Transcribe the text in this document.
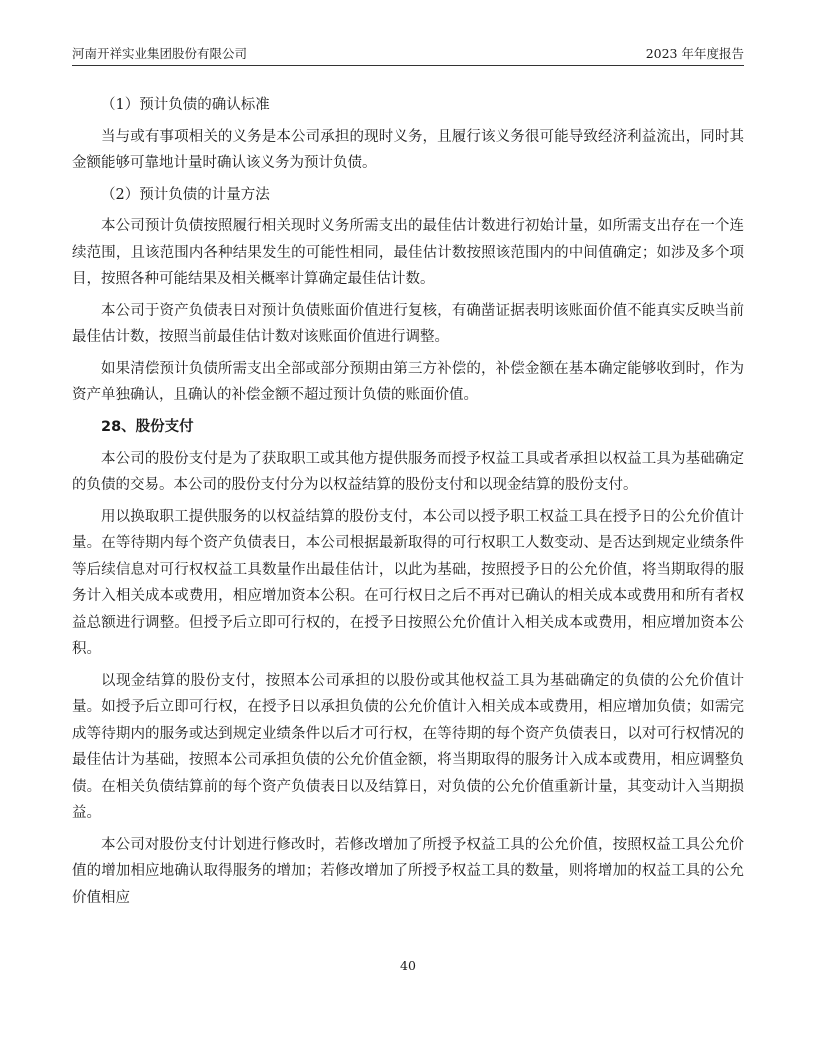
河南开祥实业集团股份有限公司	2023 年年度报告

（1）预计负债的确认标准

当与或有事项相关的义务是本公司承担的现时义务，且履行该义务很可能导致经济利益流出，同时其金额能够可靠地计量时确认该义务为预计负债。

（2）预计负债的计量方法

本公司预计负债按照履行相关现时义务所需支出的最佳估计数进行初始计量，如所需支出存在一个连续范围，且该范围内各种结果发生的可能性相同，最佳估计数按照该范围内的中间值确定；如涉及多个项目，按照各种可能结果及相关概率计算确定最佳估计数。

本公司于资产负债表日对预计负债账面价值进行复核，有确凿证据表明该账面价值不能真实反映当前最佳估计数，按照当前最佳估计数对该账面价值进行调整。

如果清偿预计负债所需支出全部或部分预期由第三方补偿的，补偿金额在基本确定能够收到时，作为资产单独确认，且确认的补偿金额不超过预计负债的账面价值。

28、股份支付

本公司的股份支付是为了获取职工或其他方提供服务而授予权益工具或者承担以权益工具为基础确定的负债的交易。本公司的股份支付分为以权益结算的股份支付和以现金结算的股份支付。

用以换取职工提供服务的以权益结算的股份支付，本公司以授予职工权益工具在授予日的公允价值计量。在等待期内每个资产负债表日，本公司根据最新取得的可行权职工人数变动、是否达到规定业绩条件等后续信息对可行权权益工具数量作出最佳估计，以此为基础，按照授予日的公允价值，将当期取得的服务计入相关成本或费用，相应增加资本公积。在可行权日之后不再对已确认的相关成本或费用和所有者权益总额进行调整。但授予后立即可行权的，在授予日按照公允价值计入相关成本或费用，相应增加资本公积。

以现金结算的股份支付，按照本公司承担的以股份或其他权益工具为基础确定的负债的公允价值计量。如授予后立即可行权，在授予日以承担负债的公允价值计入相关成本或费用，相应增加负债；如需完成等待期内的服务或达到规定业绩条件以后才可行权，在等待期的每个资产负债表日，以对可行权情况的最佳估计为基础，按照本公司承担负债的公允价值金额，将当期取得的服务计入成本或费用，相应调整负债。在相关负债结算前的每个资产负债表日以及结算日，对负债的公允价值重新计量，其变动计入当期损益。

本公司对股份支付计划进行修改时，若修改增加了所授予权益工具的公允价值，按照权益工具公允价值的增加相应地确认取得服务的增加；若修改增加了所授予权益工具的数量，则将增加的权益工具的公允价值相应

40
